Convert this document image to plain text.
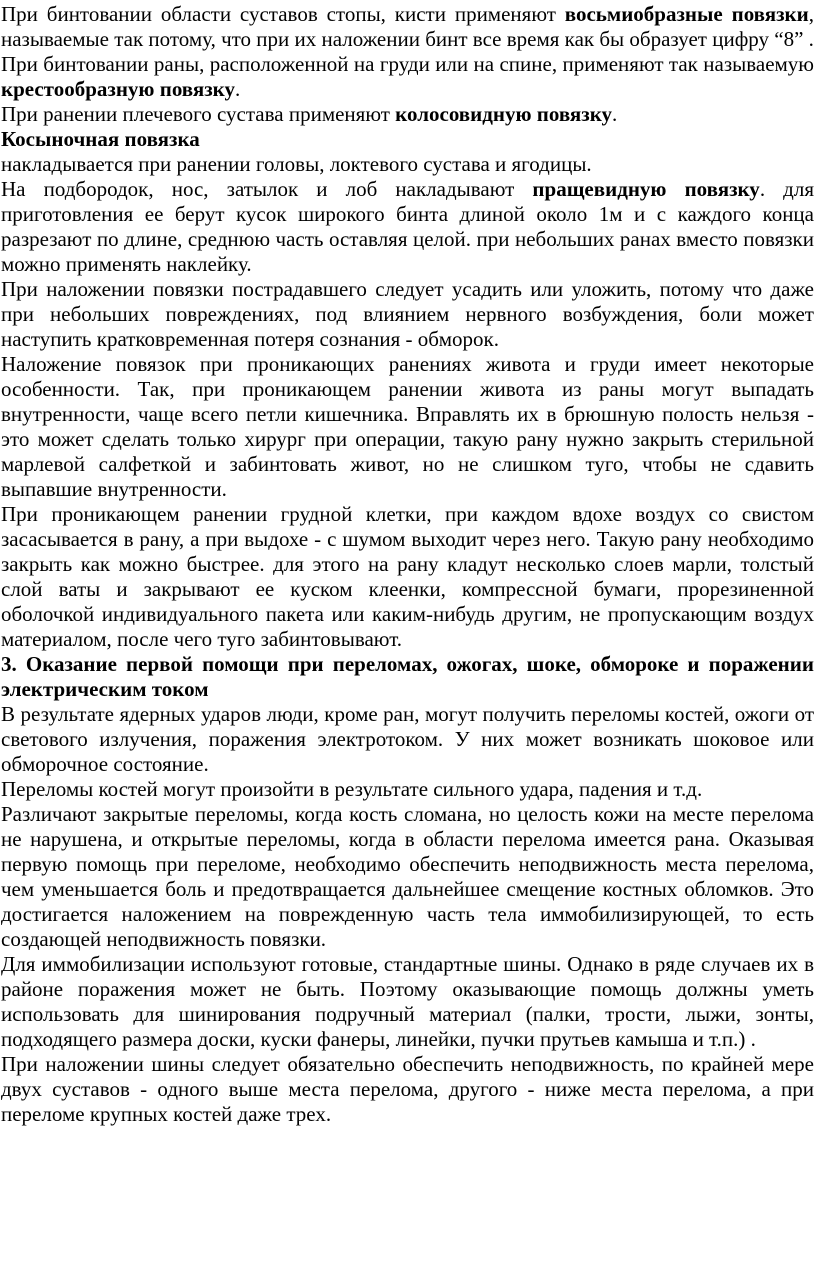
При бинтовании области суставов стопы, кисти применяют восьмиобразные повязки, называемые так потому, что при их наложении бинт все время как бы образует цифру “8” .

При бинтовании раны, расположенной на груди или на спине, применяют так называемую крестообразную повязку.

При ранении плечевого сустава применяют колосовидную повязку.

Косыночная повязка

накладывается при ранении головы, локтевого сустава и ягодицы.

На подбородок, нос, затылок и лоб накладывают пращевидную повязку. для приготовления ее берут кусок широкого бинта длиной около 1м и с каждого конца разрезают по длине, среднюю часть оставляя целой. при небольших ранах вместо повязки можно применять наклейку.

При наложении повязки пострадавшего следует усадить или уложить, потому что даже при небольших повреждениях, под влиянием нервного возбуждения, боли может наступить кратковременная потеря сознания - обморок.

Наложение повязок при проникающих ранениях живота и груди имеет некоторые особенности. Так, при проникающем ранении живота из раны могут выпадать внутренности, чаще всего петли кишечника. Вправлять их в брюшную полость нельзя - это может сделать только хирург при операции, такую рану нужно закрыть стерильной марлевой салфеткой и забинтовать живот, но не слишком туго, чтобы не сдавить выпавшие внутренности.

При проникающем ранении грудной клетки, при каждом вдохе воздух со свистом засасывается в рану, а при выдохе - с шумом выходит через него. Такую рану необходимо закрыть как можно быстрее. для этого на рану кладут несколько слоев марли, толстый слой ваты и закрывают ее куском клеенки, компрессной бумаги, прорезиненной оболочкой индивидуального пакета или каким-нибудь другим, не пропускающим воздух материалом, после чего туго забинтовывают.

3. Оказание первой помощи при переломах, ожогах, шоке, обмороке и поражении электрическим током

В результате ядерных ударов люди, кроме ран, могут получить переломы костей, ожоги от светового излучения, поражения электротоком. У них может возникать шоковое или обморочное состояние.

Переломы костей могут произойти в результате сильного удара, падения и т.д.

Различают закрытые переломы, когда кость сломана, но целость кожи на месте перелома не нарушена, и открытые переломы, когда в области перелома имеется рана. Оказывая первую помощь при переломе, необходимо обеспечить неподвижность места перелома, чем уменьшается боль и предотвращается дальнейшее смещение костных обломков. Это достигается наложением на поврежденную часть тела иммобилизирующей, то есть создающей неподвижность повязки.

Для иммобилизации используют готовые, стандартные шины. Однако в ряде случаев их в районе поражения может не быть. Поэтому оказывающие помощь должны уметь использовать для шинирования подручный материал (палки, трости, лыжи, зонты, подходящего размера доски, куски фанеры, линейки, пучки прутьев камыша и т.п.) .

При наложении шины следует обязательно обеспечить неподвижность, по крайней мере двух суставов - одного выше места перелома, другого - ниже места перелома, а при переломе крупных костей даже трех.
